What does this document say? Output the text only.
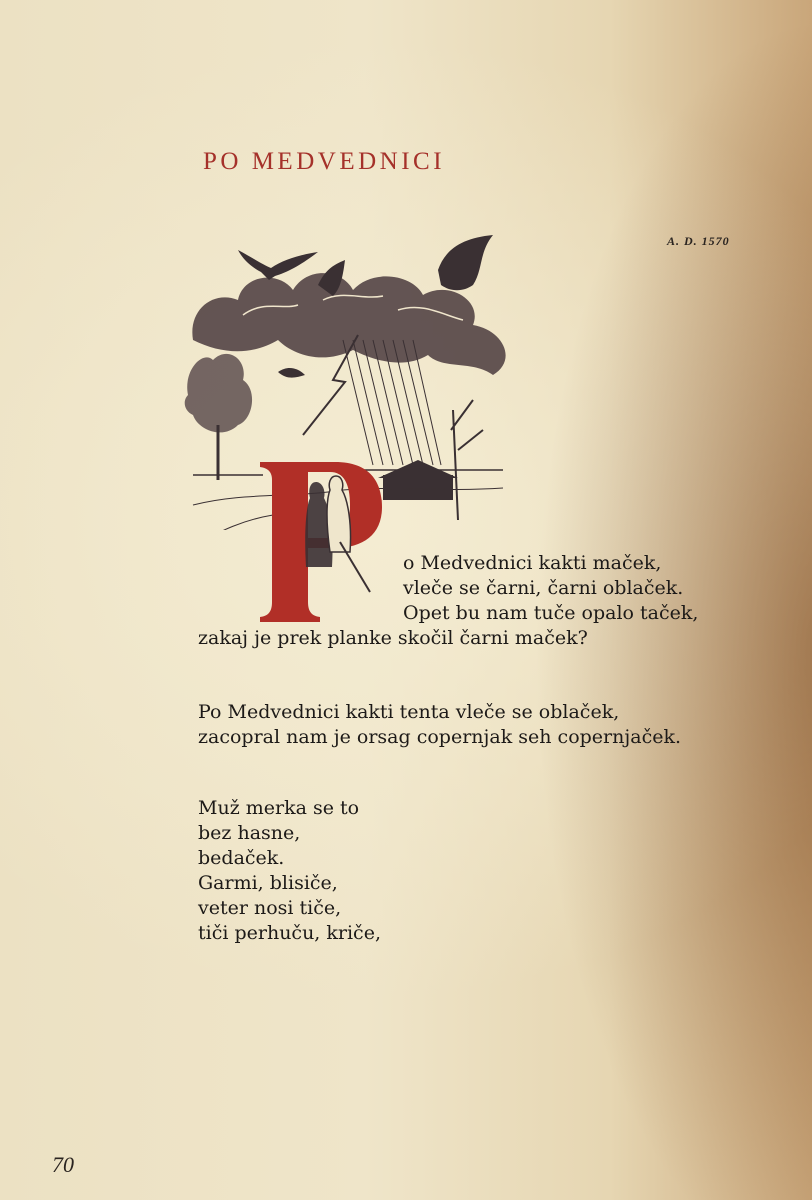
PO MEDVEDNICI
A. D. 1570

o Medvednici kakti maček,
vleče se čarni, čarni oblaček.
Opet bu nam tuče opalo taček,
zakaj je prek planke skočil čarni maček?

Po Medvednici kakti tenta vleče se oblaček,
zacopral nam je orsag copernjak seh copernjaček.

Muž merka se to
bez hasne,
bedaček.
Garmi, blisiče,
veter nosi tiče,
tiči perhuču, kriče,

70
